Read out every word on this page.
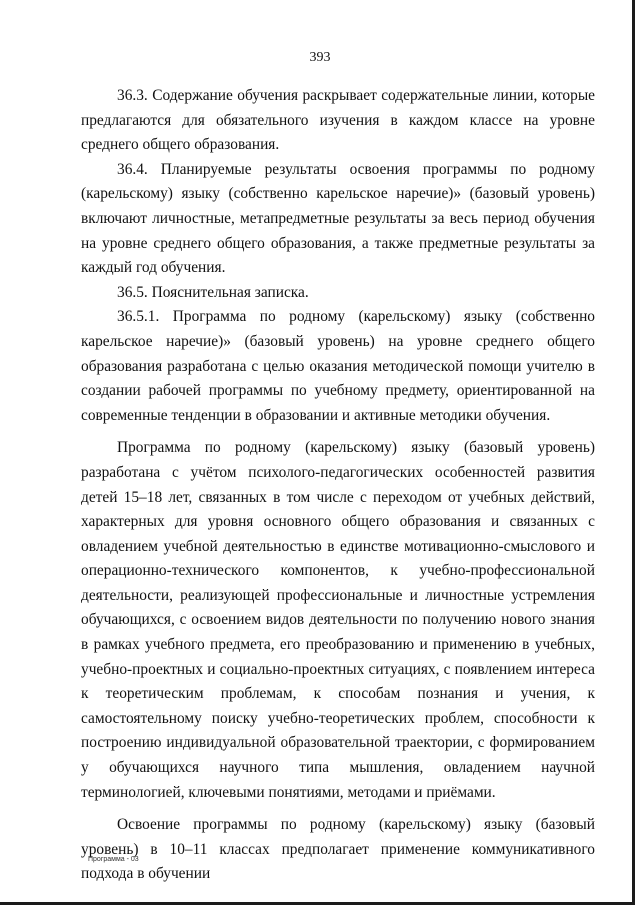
393

36.3. Содержание обучения раскрывает содержательные линии, которые предлагаются для обязательного изучения в каждом классе на уровне среднего общего образования.

36.4. Планируемые результаты освоения программы по родному (карельскому) языку (собственно карельское наречие)» (базовый уровень) включают личностные, метапредметные результаты за весь период обучения на уровне среднего общего образования, а также предметные результаты за каждый год обучения.

36.5. Пояснительная записка.

36.5.1. Программа по родному (карельскому) языку (собственно карельское наречие)» (базовый уровень) на уровне среднего общего образования разработана с целью оказания методической помощи учителю в создании рабочей программы по учебному предмету, ориентированной на современные тенденции в образовании и активные методики обучения.

Программа по родному (карельскому) языку (базовый уровень) разработана с учётом психолого-педагогических особенностей развития детей 15–18 лет, связанных в том числе с переходом от учебных действий, характерных для уровня основного общего образования и связанных с овладением учебной деятельностью в единстве мотивационно-смыслового и операционно-технического компонентов, к учебно-профессиональной деятельности, реализующей профессиональные и личностные устремления обучающихся, с освоением видов деятельности по получению нового знания в рамках учебного предмета, его преобразованию и применению в учебных, учебно-проектных и социально-проектных ситуациях, с появлением интереса к теоретическим проблемам, к способам познания и учения, к самостоятельному поиску учебно-теоретических проблем, способности к построению индивидуальной образовательной траектории, с формированием у обучающихся научного типа мышления, овладением научной терминологией, ключевыми понятиями, методами и приёмами.

Освоение программы по родному (карельскому) языку (базовый уровень) в 10–11 классах предполагает применение коммуникативного подхода в обучении

Программа - 03
